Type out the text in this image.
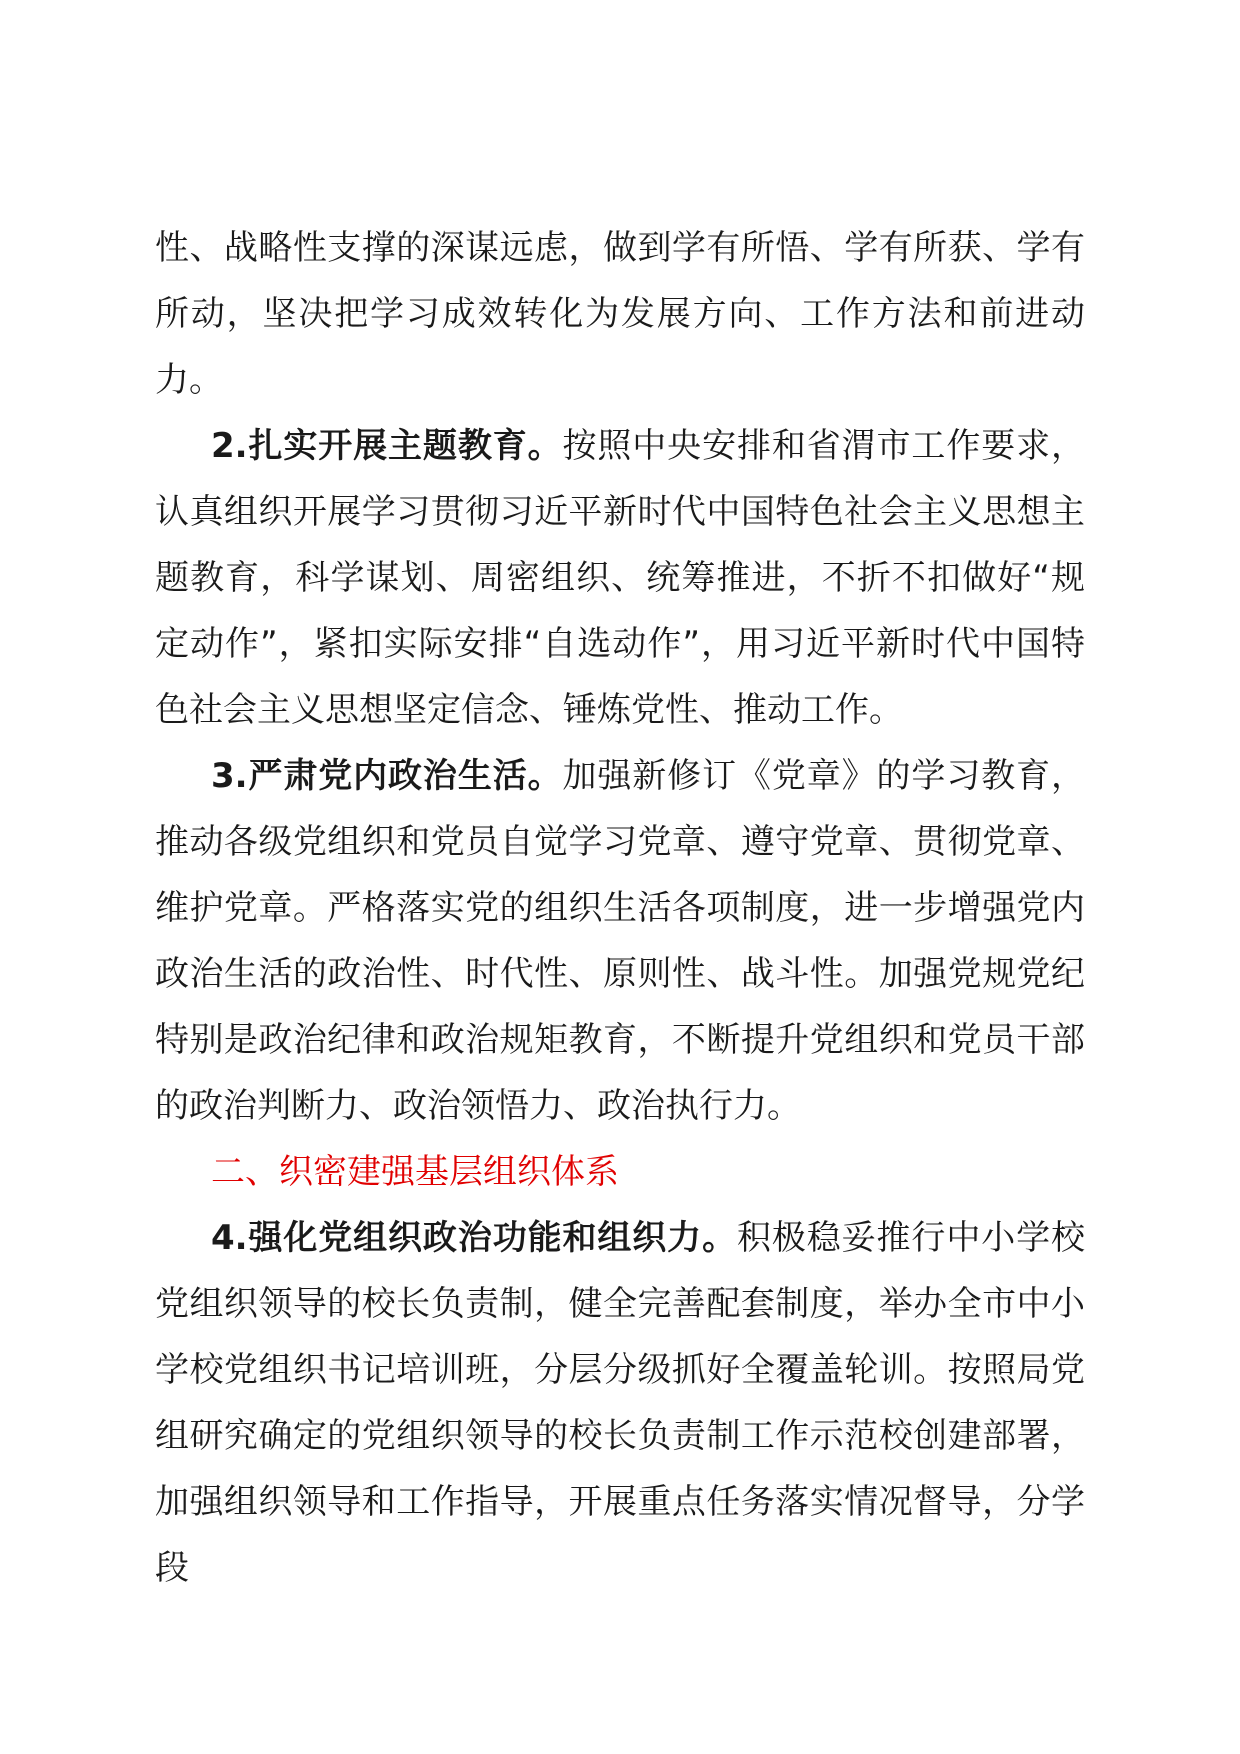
性、战略性支撑的深谋远虑，做到学有所悟、学有所获、学有所动，坚决把学习成效转化为发展方向、工作方法和前进动力。

2.扎实开展主题教育。按照中央安排和省渭市工作要求，认真组织开展学习贯彻习近平新时代中国特色社会主义思想主题教育，科学谋划、周密组织、统筹推进，不折不扣做好“规定动作”，紧扣实际安排“自选动作”，用习近平新时代中国特色社会主义思想坚定信念、锤炼党性、推动工作。

3.严肃党内政治生活。加强新修订《党章》的学习教育，推动各级党组织和党员自觉学习党章、遵守党章、贯彻党章、维护党章。严格落实党的组织生活各项制度，进一步增强党内政治生活的政治性、时代性、原则性、战斗性。加强党规党纪特别是政治纪律和政治规矩教育，不断提升党组织和党员干部的政治判断力、政治领悟力、政治执行力。

二、织密建强基层组织体系

4.强化党组织政治功能和组织力。积极稳妥推行中小学校党组织领导的校长负责制，健全完善配套制度，举办全市中小学校党组织书记培训班，分层分级抓好全覆盖轮训。按照局党组研究确定的党组织领导的校长负责制工作示范校创建部署，加强组织领导和工作指导，开展重点任务落实情况督导，分学段
